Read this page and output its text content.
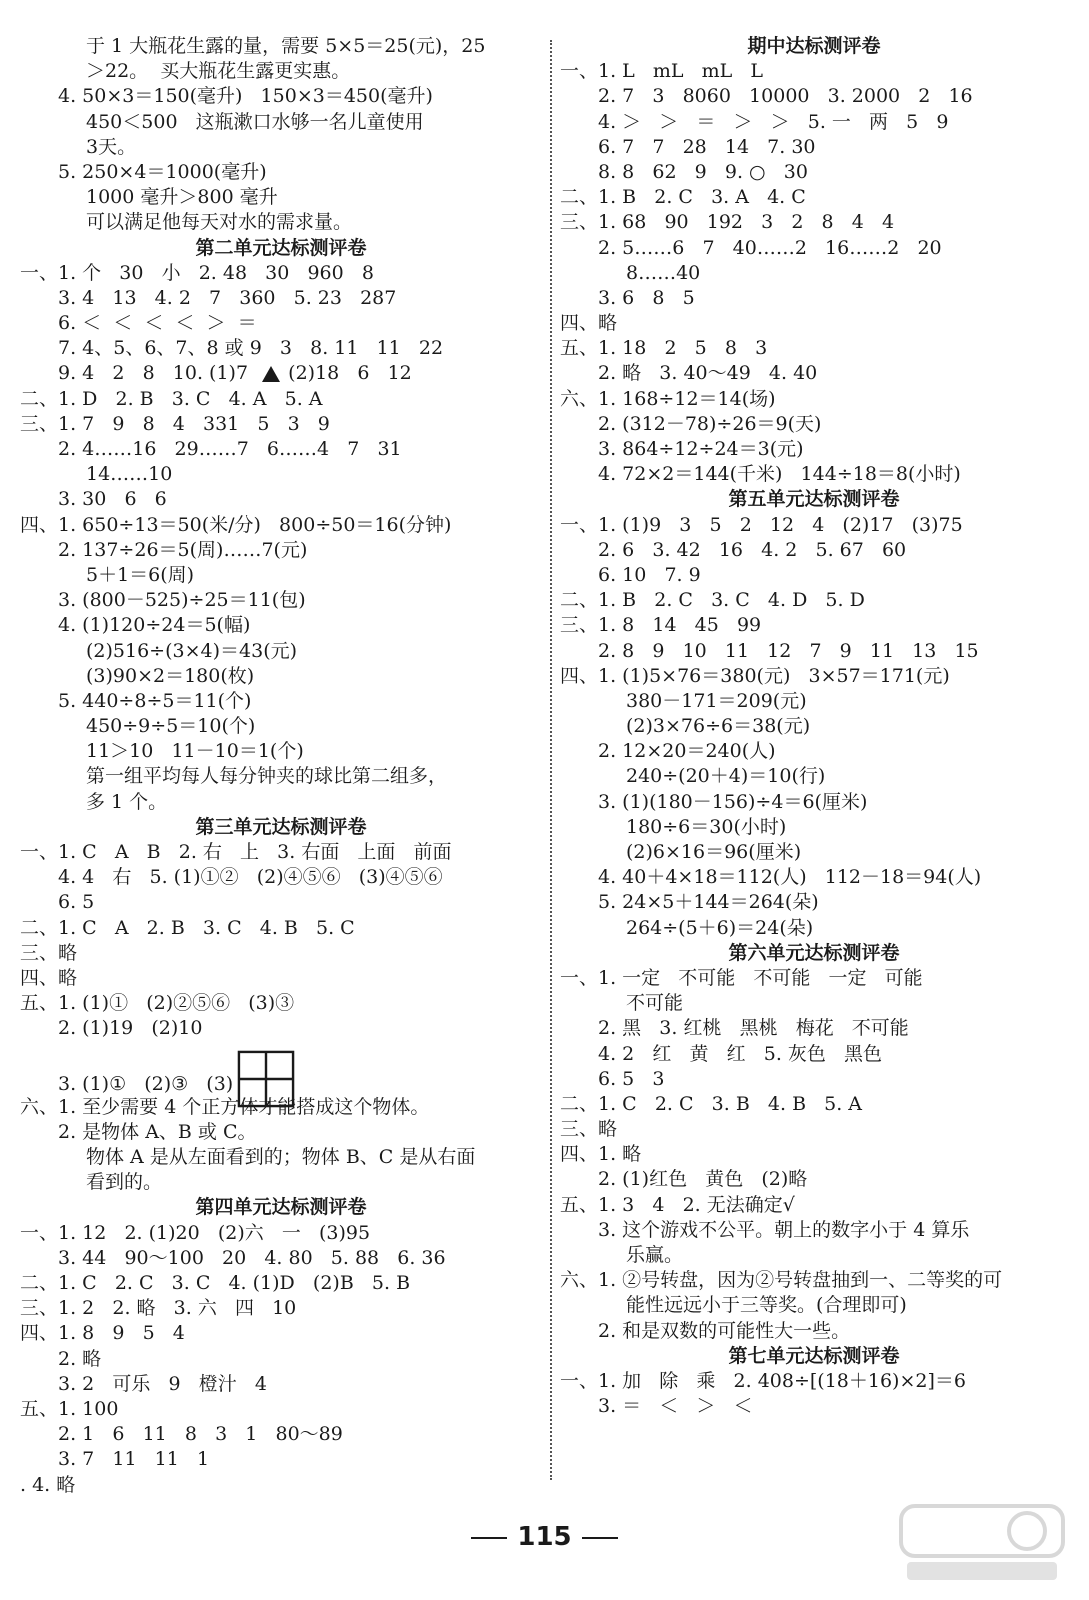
于 1 大瓶花生露的量，需要 5×5＝25(元)，25
＞22。  买大瓶花生露更实惠。
4. 50×3＝150(毫升)   150×3＝450(毫升)
450＜500   这瓶漱口水够一名儿童使用
3天。
5. 250×4＝1000(毫升)
1000 毫升＞800 毫升
可以满足他每天对水的需求量。
第二单元达标测评卷
一、1. 个   30   小   2. 48   30   960   8
3. 4   13   4. 2   7   360   5. 23   287
6. ＜  ＜  ＜  ＜  ＞  ＝
7. 4、5、6、7、8 或 9   3   8. 11   11   22
9. 4   2   8   10. (1)7   (2)18   6   12
二、1. D   2. B   3. C   4. A   5. A
三、1. 7   9   8   4   331   5   3   9
2. 4……16   29……7   6……4   7   31
14……10
3. 30   6   6
四、1. 650÷13＝50(米/分)   800÷50＝16(分钟)
2. 137÷26＝5(周)……7(元)
5＋1＝6(周)
3. (800－525)÷25＝11(包)
4. (1)120÷24＝5(幅)
(2)516÷(3×4)＝43(元)
(3)90×2＝180(枚)
5. 440÷8÷5＝11(个)
450÷9÷5＝10(个)
11＞10   11－10＝1(个)
第一组平均每人每分钟夹的球比第二组多，
多 1 个。
第三单元达标测评卷
一、1. C   A   B   2. 右   上   3. 右面   上面   前面
4. 4   右   5. (1)①②   (2)④⑤⑥   (3)④⑤⑥
6. 5
二、1. C   A   2. B   3. C   4. B   5. C
三、略
四、略
五、1. (1)①   (2)②⑤⑥   (3)③
2. (1)19   (2)10
3. (1)①   (2)③   (3)
六、1. 至少需要 4 个正方体才能搭成这个物体。
2. 是物体 A、B 或 C。
物体 A 是从左面看到的；物体 B、C 是从右面
看到的。
第四单元达标测评卷
一、1. 12   2. (1)20   (2)六   一   (3)95
3. 44   90～100   20   4. 80   5. 88   6. 36
二、1. C   2. C   3. C   4. (1)D   (2)B   5. B
三、1. 2   2. 略   3. 六   四   10
四、1. 8   9   5   4
2. 略
3. 2   可乐   9   橙汁   4
五、1. 100
2. 1   6   11   8   3   1   80～89
3. 7   11   11   1
. 4. 略
期中达标测评卷
一、1. L   mL   mL   L
2. 7   3   8060   10000   3. 2000   2   16
4. ＞   ＞   ＝   ＞   ＞   5. 一   两   5   9
6. 7   7   28   14   7. 30
8. 8   62   9   9. ○   30
二、1. B   2. C   3. A   4. C
三、1. 68   90   192   3   2   8   4   4
2. 5……6   7   40……2   16……2   20
8……40
3. 6   8   5
四、略
五、1. 18   2   5   8   3
2. 略   3. 40～49   4. 40
六、1. 168÷12＝14(场)
2. (312－78)÷26＝9(天)
3. 864÷12÷24＝3(元)
4. 72×2＝144(千米)   144÷18＝8(小时)
第五单元达标测评卷
一、1. (1)9   3   5   2   12   4   (2)17   (3)75
2. 6   3. 42   16   4. 2   5. 67   60
6. 10   7. 9
二、1. B   2. C   3. C   4. D   5. D
三、1. 8   14   45   99
2. 8   9   10   11   12   7   9   11   13   15
四、1. (1)5×76＝380(元)   3×57＝171(元)
380－171＝209(元)
(2)3×76÷6＝38(元)
2. 12×20＝240(人)
240÷(20＋4)＝10(行)
3. (1)(180－156)÷4＝6(厘米)
180÷6＝30(小时)
(2)6×16＝96(厘米)
4. 40＋4×18＝112(人)   112－18＝94(人)
5. 24×5＋144＝264(朵)
264÷(5＋6)＝24(朵)
第六单元达标测评卷
一、1. 一定   不可能   不可能   一定   可能
不可能
2. 黑   3. 红桃   黑桃   梅花   不可能
4. 2   红   黄   红   5. 灰色   黑色
6. 5   3
二、1. C   2. C   3. B   4. B   5. A
三、略
四、1. 略
2. (1)红色   黄色   (2)略
五、1. 3   4   2. 无法确定√
3. 这个游戏不公平。朝上的数字小于 4 算乐
乐赢。
六、1. ②号转盘，因为②号转盘抽到一、二等奖的可
能性远远小于三等奖。(合理即可)
2. 和是双数的可能性大一些。
第七单元达标测评卷
一、1. 加   除   乘   2. 408÷[(18＋16)×2]＝6
3. ＝   ＜   ＞   ＜
115
